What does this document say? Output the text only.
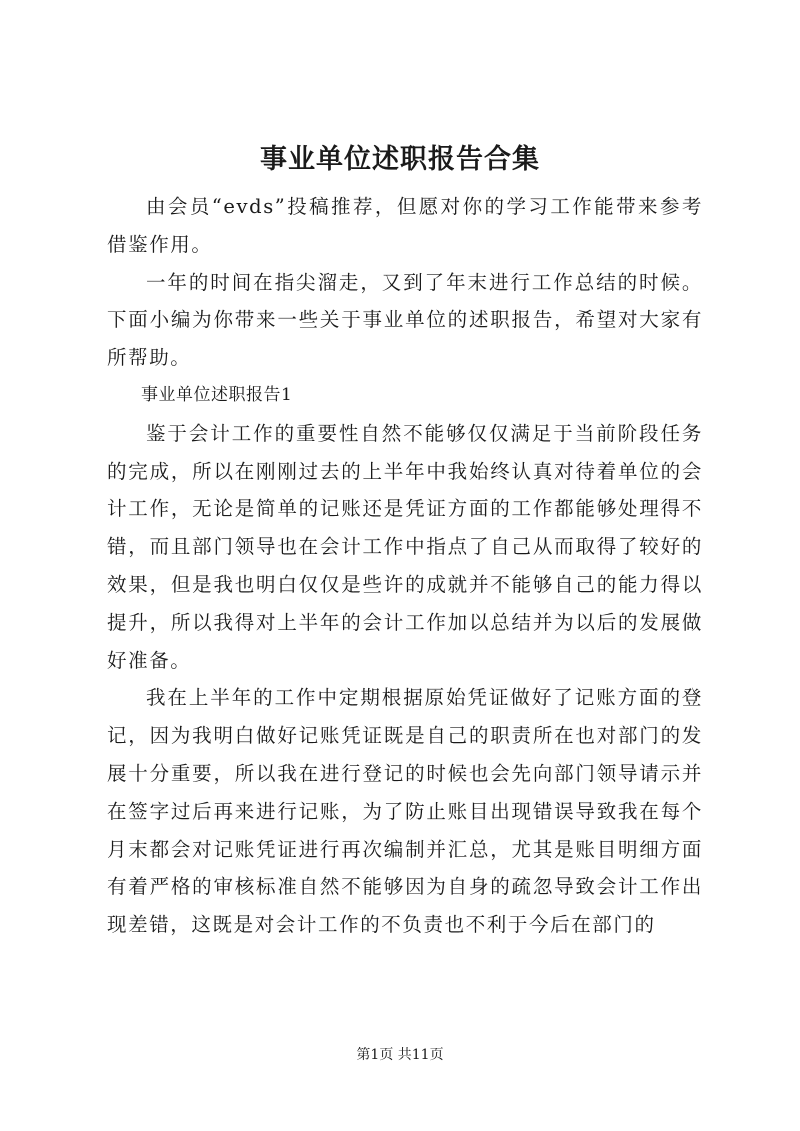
事业单位述职报告合集

由会员“evds”投稿推荐，但愿对你的学习工作能带来参考借鉴作用。

一年的时间在指尖溜走，又到了年末进行工作总结的时候。下面小编为你带来一些关于事业单位的述职报告，希望对大家有所帮助。

事业单位述职报告1

鉴于会计工作的重要性自然不能够仅仅满足于当前阶段任务的完成，所以在刚刚过去的上半年中我始终认真对待着单位的会计工作，无论是简单的记账还是凭证方面的工作都能够处理得不错，而且部门领导也在会计工作中指点了自己从而取得了较好的效果，但是我也明白仅仅是些许的成就并不能够自己的能力得以提升，所以我得对上半年的会计工作加以总结并为以后的发展做好准备。

我在上半年的工作中定期根据原始凭证做好了记账方面的登记，因为我明白做好记账凭证既是自己的职责所在也对部门的发展十分重要，所以我在进行登记的时候也会先向部门领导请示并在签字过后再来进行记账，为了防止账目出现错误导致我在每个月末都会对记账凭证进行再次编制并汇总，尤其是账目明细方面有着严格的审核标准自然不能够因为自身的疏忽导致会计工作出现差错，这既是对会计工作的不负责也不利于今后在部门的

第1页 共11页
